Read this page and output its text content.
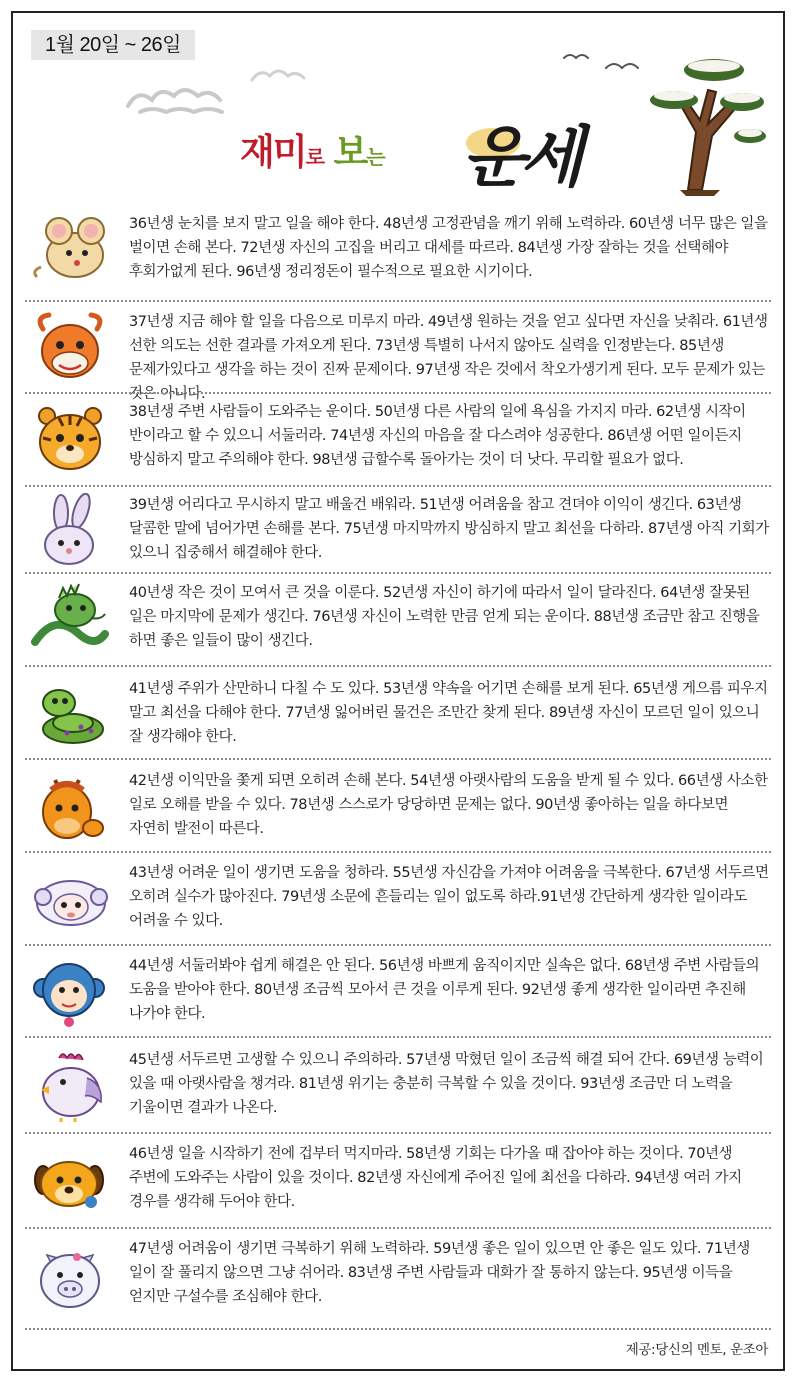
1월 20일 ~ 26일
재미로 보는 운세
36년생 눈치를 보지 말고 일을 해야 한다. 48년생 고정관념을 깨기 위해 노력하라. 60년생 너무 많은 일을 벌이면 손해 본다. 72년생 자신의 고집을 버리고 대세를 따르라. 84년생 가장 잘하는 것을 선택해야 후회가없게 된다. 96년생 정리정돈이 필수적으로 필요한 시기이다.
37년생 지금 해야 할 일을 다음으로 미루지 마라. 49년생 원하는 것을 얻고 싶다면 자신을 낮춰라. 61년생 선한 의도는 선한 결과를 가져오게 된다. 73년생 특별히 나서지 않아도 실력을 인정받는다. 85년생 문제가있다고 생각을 하는 것이 진짜 문제이다. 97년생 작은 것에서 착오가생기게 된다. 모두 문제가 있는 것은 아니다.
38년생 주변 사람들이 도와주는 운이다. 50년생 다른 사람의 일에 욕심을 가지지 마라. 62년생 시작이 반이라고 할 수 있으니 서둘러라. 74년생 자신의 마음을 잘 다스려야 성공한다. 86년생 어떤 일이든지 방심하지 말고 주의해야 한다. 98년생 급할수록 돌아가는 것이 더 낫다. 무리할 필요가 없다.
39년생 어리다고 무시하지 말고 배울건 배워라. 51년생 어려움을 참고 견뎌야 이익이 생긴다. 63년생 달콤한 말에 넘어가면 손해를 본다. 75년생 마지막까지 방심하지 말고 최선을 다하라. 87년생 아직 기회가 있으니 집중해서 해결해야 한다.
40년생 작은 것이 모여서 큰 것을 이룬다. 52년생 자신이 하기에 따라서 일이 달라진다. 64년생 잘못된 일은 마지막에 문제가 생긴다. 76년생 자신이 노력한 만큼 얻게 되는 운이다. 88년생 조금만 참고 진행을 하면 좋은 일들이 많이 생긴다.
41년생 주위가 산만하니 다칠 수 도 있다. 53년생 약속을 어기면 손해를 보게 된다. 65년생 게으름 피우지 말고 최선을 다해야 한다. 77년생 잃어버린 물건은 조만간 찾게 된다. 89년생 자신이 모르던 일이 있으니 잘 생각해야 한다.
42년생 이익만을 쫓게 되면 오히려 손해 본다. 54년생 아랫사람의 도움을 받게 될 수 있다. 66년생 사소한 일로 오해를 받을 수 있다. 78년생 스스로가 당당하면 문제는 없다. 90년생 좋아하는 일을 하다보면 자연히 발전이 따른다.
43년생 어려운 일이 생기면 도움을 청하라. 55년생 자신감을 가져야 어려움을 극복한다. 67년생 서두르면 오히려 실수가 많아진다. 79년생 소문에 흔들리는 일이 없도록 하라.91년생 간단하게 생각한 일이라도 어려울 수 있다.
44년생 서둘러봐야 쉽게 해결은 안 된다. 56년생 바쁘게 움직이지만 실속은 없다. 68년생 주변 사람들의 도움을 받아야 한다. 80년생 조금씩 모아서 큰 것을 이루게 된다. 92년생 좋게 생각한 일이라면 추진해 나가야 한다.
45년생 서두르면 고생할 수 있으니 주의하라. 57년생 막혔던 일이 조금씩 해결 되어 간다. 69년생 능력이 있을 때 아랫사람을 챙겨라. 81년생 위기는 충분히 극복할 수 있을 것이다. 93년생 조금만 더 노력을 기울이면 결과가 나온다.
46년생 일을 시작하기 전에 겁부터 먹지마라. 58년생 기회는 다가올 때 잡아야 하는 것이다. 70년생 주변에 도와주는 사람이 있을 것이다. 82년생 자신에게 주어진 일에 최선을 다하라. 94년생 여러 가지 경우를 생각해 두어야 한다.
47년생 어려움이 생기면 극복하기 위해 노력하라. 59년생 좋은 일이 있으면 안 좋은 일도 있다. 71년생 일이 잘 풀리지 않으면 그냥 쉬어라. 83년생 주변 사람들과 대화가 잘 통하지 않는다. 95년생 이득을 얻지만 구설수를 조심해야 한다.
제공:당신의 멘토, 운조아
